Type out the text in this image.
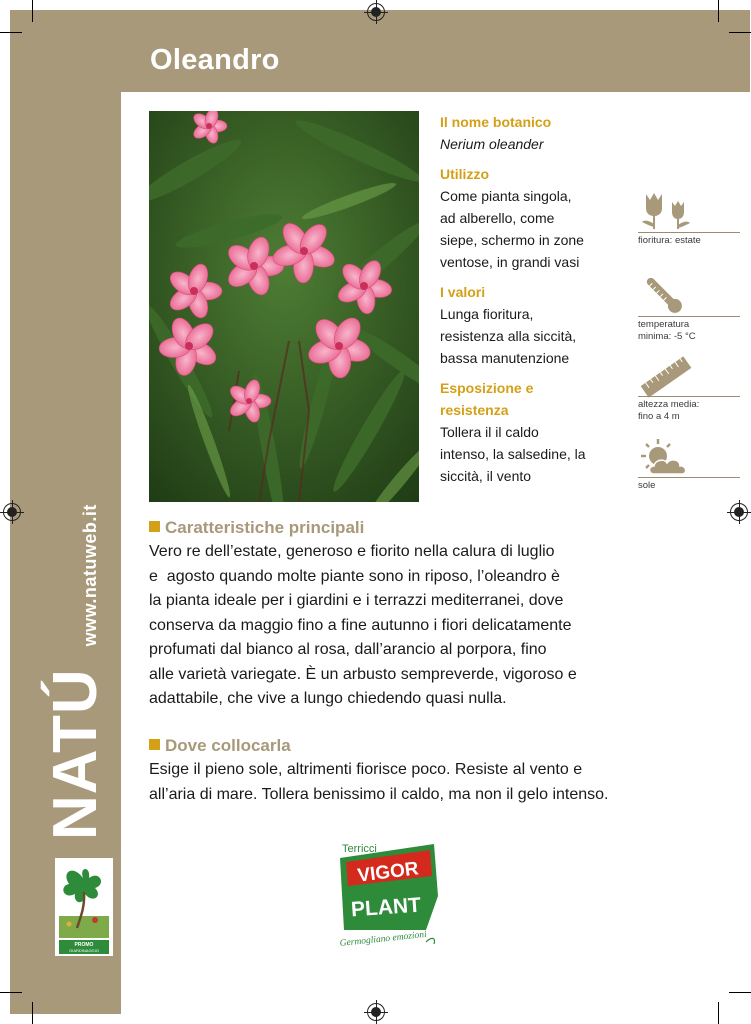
Oleandro
NATÚwww.natuweb.it
PROMO
GIARDINAGGIO
Il nome botanico
Nerium oleander
Utilizzo
Come pianta singola,
ad alberello, come
siepe, schermo in zone
ventose, in grandi vasi
I valori
Lunga fioritura,
resistenza alla siccità,
bassa manutenzione
Esposizione e
resistenza
Tollera il il caldo
intenso, la salsedine, la
siccità, il vento
fioritura: estate
temperatura
minima: -5 °C
altezza media:
fino a 4 m
sole
Caratteristiche principali

Vero re dell’estate, generoso e fiorito nella calura di luglio

e  agosto quando molte piante sono in riposo, l’oleandro è

la pianta ideale per i giardini e i terrazzi mediterranei, dove

conserva da maggio fino a fine autunno i fiori delicatamente

profumati dal bianco al rosa, dall’arancio al porpora, fino

alle varietà variegate. È un arbusto sempreverde, vigoroso e

adattabile, che vive a lungo chiedendo quasi nulla.

Dove collocarla

Esige il pieno sole, altrimenti fiorisce poco. Resiste al vento e

all’aria di mare. Tollera benissimo il caldo, ma non il gelo intenso.

Terricci
VIGOR
PLANT
Germogliano emozioni
